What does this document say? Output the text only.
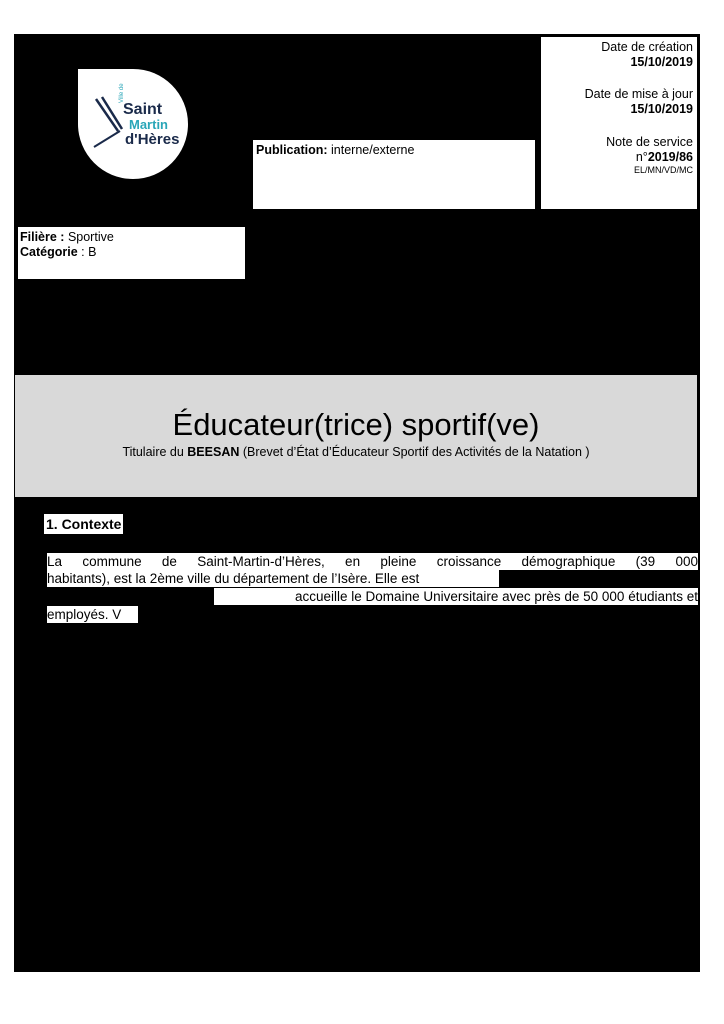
Ville de
Saint
Martin
d'Hères
Date de création
15/10/2019
Date de mise à jour
15/10/2019
Note de service
n°2019/86
EL/MN/VD/MC
Publication: interne/externe
Filière : Sportive
Catégorie : B
Éducateur(trice) sportif(ve)
Titulaire du BEESAN (Brevet d’État d’Éducateur Sportif des Activités de la Natation )
1. Contexte
La commune de Saint-Martin-d’Hères, en pleine croissance démographique (39 000
habitants), est la 2ème ville du département de l’Isère. Elle est
accueille le Domaine Universitaire avec près de 50 000 étudiants et
employés. V
